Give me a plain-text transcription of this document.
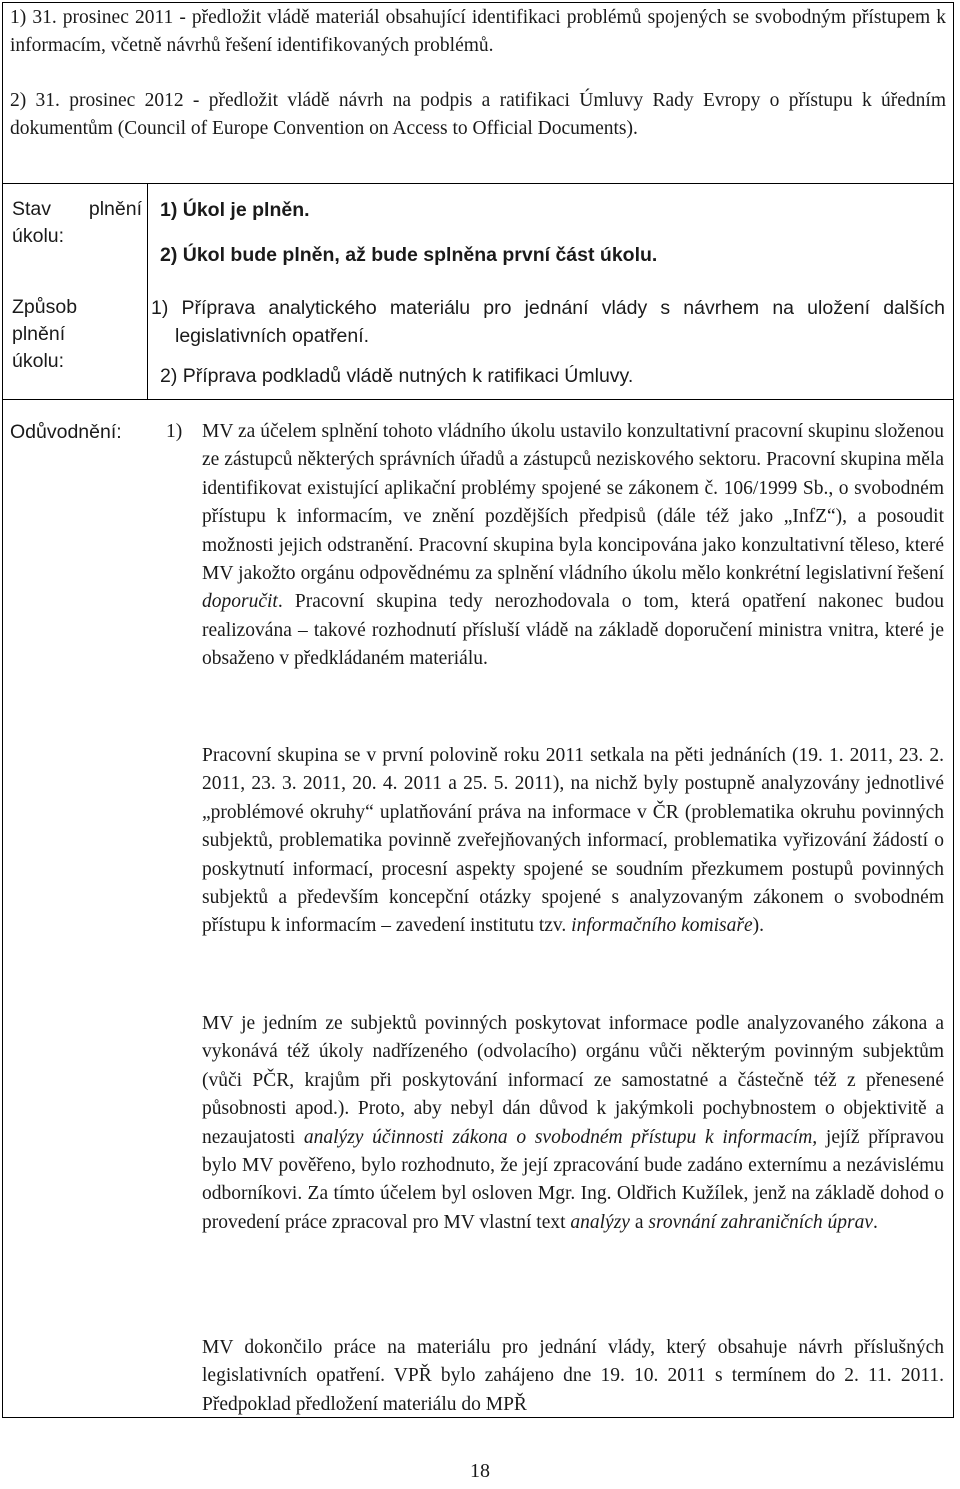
1) 31. prosinec 2011 - předložit vládě materiál obsahující identifikaci problémů spojených se svobodným přístupem k informacím, včetně návrhů řešení identifikovaných problémů.

2) 31. prosinec 2012 - předložit vládě návrh na podpis a ratifikaci Úmluvy Rady Evropy o přístupu k úředním dokumentům (Council of Europe Convention on Access to Official Documents).

Stav plnění úkolu:

1) Úkol je plněn.

2) Úkol bude plněn, až bude splněna první část úkolu.

Způsob plnění úkolu:

1) Příprava analytického materiálu pro jednání vlády s návrhem na uložení dalších legislativních opatření.

2) Příprava podkladů vládě nutných k ratifikaci Úmluvy.

Odůvodnění: 1) MV za účelem splnění tohoto vládního úkolu ustavilo konzultativní pracovní skupinu složenou ze zástupců některých správních úřadů a zástupců neziskového sektoru. Pracovní skupina měla identifikovat existující aplikační problémy spojené se zákonem č. 106/1999 Sb., o svobodném přístupu k informacím, ve znění pozdějších předpisů (dále též jako „InfZ“), a posoudit možnosti jejich odstranění. Pracovní skupina byla koncipována jako konzultativní těleso, které MV jakožto orgánu odpovědnému za splnění vládního úkolu mělo konkrétní legislativní řešení doporučit. Pracovní skupina tedy nerozhodovala o tom, která opatření nakonec budou realizována – takové rozhodnutí přísluší vládě na základě doporučení ministra vnitra, které je obsaženo v předkládaném materiálu.

Pracovní skupina se v první polovině roku 2011 setkala na pěti jednáních (19. 1. 2011, 23. 2. 2011, 23. 3. 2011, 20. 4. 2011 a 25. 5. 2011), na nichž byly postupně analyzovány jednotlivé „problémové okruhy“ uplatňování práva na informace v ČR (problematika okruhu povinných subjektů, problematika povinně zveřejňovaných informací, problematika vyřizování žádostí o poskytnutí informací, procesní aspekty spojené se soudním přezkumem postupů povinných subjektů a především koncepční otázky spojené s analyzovaným zákonem o svobodném přístupu k informacím – zavedení institutu tzv. informačního komisaře).

MV je jedním ze subjektů povinných poskytovat informace podle analyzovaného zákona a vykonává též úkoly nadřízeného (odvolacího) orgánu vůči některým povinným subjektům (vůči PČR, krajům při poskytování informací ze samostatné a částečně též z přenesené působnosti apod.). Proto, aby nebyl dán důvod k jakýmkoli pochybnostem o objektivitě a nezaujatosti analýzy účinnosti zákona o svobodném přístupu k informacím, jejíž přípravou bylo MV pověřeno, bylo rozhodnuto, že její zpracování bude zadáno externímu a nezávislému odborníkovi. Za tímto účelem byl osloven Mgr. Ing. Oldřich Kužílek, jenž na základě dohod o provedení práce zpracoval pro MV vlastní text analýzy a srovnání zahraničních úprav.

MV dokončilo práce na materiálu pro jednání vlády, který obsahuje návrh příslušných legislativních opatření. VPŘ bylo zahájeno dne 19. 10. 2011 s termínem do 2. 11. 2011. Předpoklad předložení materiálu do MPŘ

18
